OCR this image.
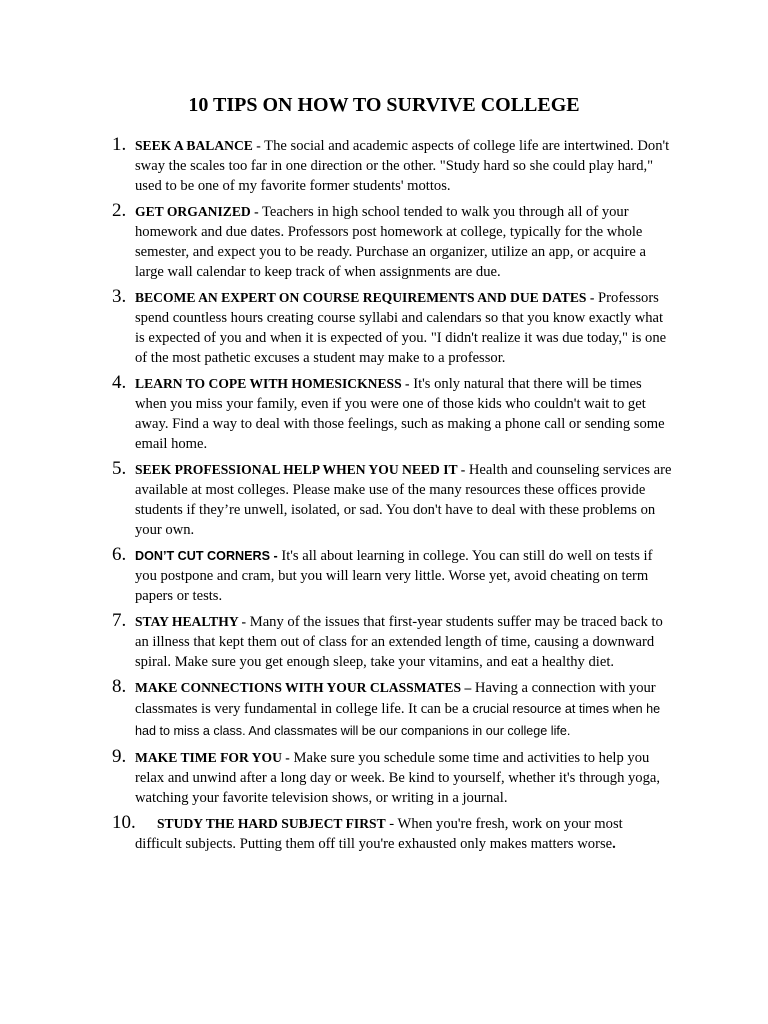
10 TIPS ON HOW TO SURVIVE COLLEGE
1. SEEK A BALANCE - The social and academic aspects of college life are intertwined. Don't sway the scales too far in one direction or the other. "Study hard so she could play hard," used to be one of my favorite former students' mottos.
2. GET ORGANIZED - Teachers in high school tended to walk you through all of your homework and due dates. Professors post homework at college, typically for the whole semester, and expect you to be ready. Purchase an organizer, utilize an app, or acquire a large wall calendar to keep track of when assignments are due.
3. BECOME AN EXPERT ON COURSE REQUIREMENTS AND DUE DATES - Professors spend countless hours creating course syllabi and calendars so that you know exactly what is expected of you and when it is expected of you. "I didn't realize it was due today," is one of the most pathetic excuses a student may make to a professor.
4. LEARN TO COPE WITH HOMESICKNESS - It's only natural that there will be times when you miss your family, even if you were one of those kids who couldn't wait to get away. Find a way to deal with those feelings, such as making a phone call or sending some email home.
5. SEEK PROFESSIONAL HELP WHEN YOU NEED IT - Health and counseling services are available at most colleges. Please make use of the many resources these offices provide students if they’re unwell, isolated, or sad. You don't have to deal with these problems on your own.
6. DON’T CUT CORNERS - It's all about learning in college. You can still do well on tests if you postpone and cram, but you will learn very little. Worse yet, avoid cheating on term papers or tests.
7. STAY HEALTHY - Many of the issues that first-year students suffer may be traced back to an illness that kept them out of class for an extended length of time, causing a downward spiral. Make sure you get enough sleep, take your vitamins, and eat a healthy diet.
8. MAKE CONNECTIONS WITH YOUR CLASSMATES – Having a connection with your classmates is very fundamental in college life. It can be a crucial resource at times when he had to miss a class. And classmates will be our companions in our college life.
9. MAKE TIME FOR YOU - Make sure you schedule some time and activities to help you relax and unwind after a long day or week. Be kind to yourself, whether it's through yoga, watching your favorite television shows, or writing in a journal.
10. STUDY THE HARD SUBJECT FIRST - When you're fresh, work on your most difficult subjects. Putting them off till you're exhausted only makes matters worse.
